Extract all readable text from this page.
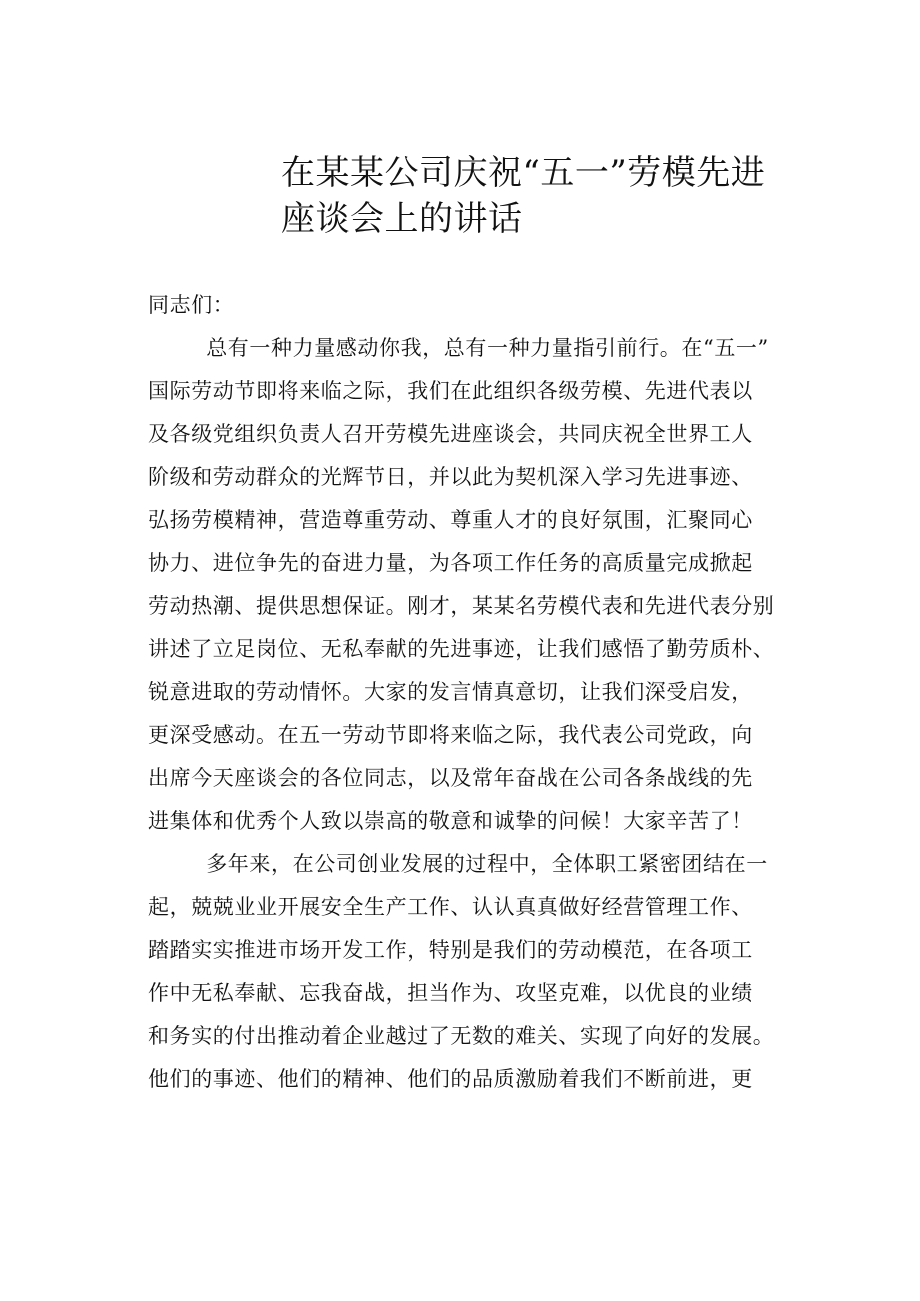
在某某公司庆祝“五一”劳模先进
座谈会上的讲话
同志们：
总有一种力量感动你我，总有一种力量指引前行。在“五一”
国际劳动节即将来临之际，我们在此组织各级劳模、先进代表以
及各级党组织负责人召开劳模先进座谈会，共同庆祝全世界工人
阶级和劳动群众的光辉节日，并以此为契机深入学习先进事迹、
弘扬劳模精神，营造尊重劳动、尊重人才的良好氛围，汇聚同心
协力、进位争先的奋进力量，为各项工作任务的高质量完成掀起
劳动热潮、提供思想保证。刚才，某某名劳模代表和先进代表分别
讲述了立足岗位、无私奉献的先进事迹，让我们感悟了勤劳质朴、
锐意进取的劳动情怀。大家的发言情真意切，让我们深受启发，
更深受感动。在五一劳动节即将来临之际，我代表公司党政，向
出席今天座谈会的各位同志，以及常年奋战在公司各条战线的先
进集体和优秀个人致以崇高的敬意和诚挚的问候！大家辛苦了！
多年来，在公司创业发展的过程中，全体职工紧密团结在一
起，兢兢业业开展安全生产工作、认认真真做好经营管理工作、
踏踏实实推进市场开发工作，特别是我们的劳动模范，在各项工
作中无私奉献、忘我奋战，担当作为、攻坚克难，以优良的业绩
和务实的付出推动着企业越过了无数的难关、实现了向好的发展。
他们的事迹、他们的精神、他们的品质激励着我们不断前进，更
